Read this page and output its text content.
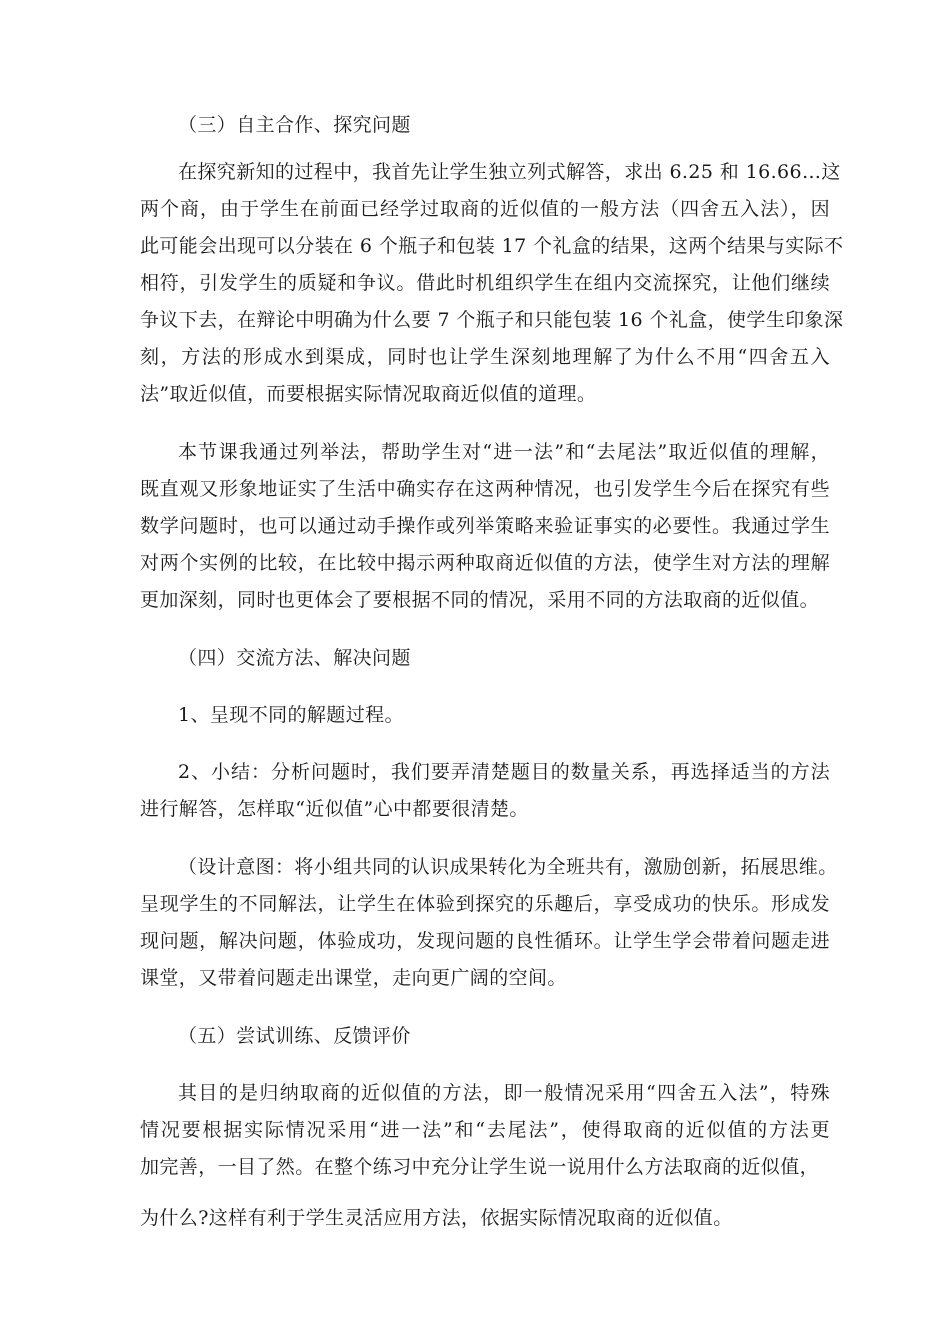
（三）自主合作、探究问题
在探究新知的过程中，我首先让学生独立列式解答，求出 6.25 和 16.66…这
两个商，由于学生在前面已经学过取商的近似值的一般方法（四舍五入法），因
此可能会出现可以分装在 6 个瓶子和包装 17 个礼盒的结果，这两个结果与实际不
相符，引发学生的质疑和争议。借此时机组织学生在组内交流探究，让他们继续
争议下去，在辩论中明确为什么要 7 个瓶子和只能包装 16 个礼盒，使学生印象深
刻，方法的形成水到渠成，同时也让学生深刻地理解了为什么不用“四舍五入
法”取近似值，而要根据实际情况取商近似值的道理。
本节课我通过列举法，帮助学生对“进一法”和“去尾法”取近似值的理解，
既直观又形象地证实了生活中确实存在这两种情况，也引发学生今后在探究有些
数学问题时，也可以通过动手操作或列举策略来验证事实的必要性。我通过学生
对两个实例的比较，在比较中揭示两种取商近似值的方法，使学生对方法的理解
更加深刻，同时也更体会了要根据不同的情况，采用不同的方法取商的近似值。
（四）交流方法、解决问题
1、呈现不同的解题过程。
2、小结：分析问题时，我们要弄清楚题目的数量关系，再选择适当的方法
进行解答，怎样取“近似值”心中都要很清楚。
（设计意图：将小组共同的认识成果转化为全班共有，激励创新，拓展思维。
呈现学生的不同解法，让学生在体验到探究的乐趣后，享受成功的快乐。形成发
现问题，解决问题，体验成功，发现问题的良性循环。让学生学会带着问题走进
课堂，又带着问题走出课堂，走向更广阔的空间。
（五）尝试训练、反馈评价
其目的是归纳取商的近似值的方法，即一般情况采用“四舍五入法”，特殊
情况要根据实际情况采用“进一法”和“去尾法”，使得取商的近似值的方法更
加完善，一目了然。在整个练习中充分让学生说一说用什么方法取商的近似值，
为什么?这样有利于学生灵活应用方法，依据实际情况取商的近似值。
